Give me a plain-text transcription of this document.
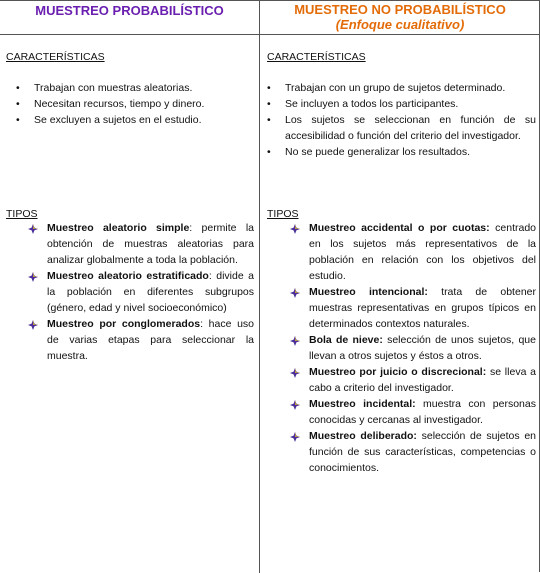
MUESTREO PROBABILÍSTICO
CARACTERÍSTICAS
• Trabajan con muestras aleatorias.
• Necesitan recursos, tiempo y dinero.
• Se excluyen a sujetos en el estudio.
TIPOS
Muestreo aleatorio simple: permite la obtención de muestras aleatorias para analizar globalmente a toda la población.
Muestreo aleatorio estratificado: divide a la población en diferentes subgrupos (género, edad y nivel socioeconómico)
Muestreo por conglomerados: hace uso de varias etapas para seleccionar la muestra.
MUESTREO NO PROBABILÍSTICO
(Enfoque cualitativo)
CARACTERÍSTICAS
• Trabajan con un grupo de sujetos determinado.
• Se incluyen a todos los participantes.
• Los sujetos se seleccionan en función de su accesibilidad o función del criterio del investigador.
• No se puede generalizar los resultados.
TIPOS
Muestreo accidental o por cuotas: centrado en los sujetos más representativos de la población en relación con los objetivos del estudio.
Muestreo intencional: trata de obtener muestras representativas en grupos típicos en determinados contextos naturales.
Bola de nieve: selección de unos sujetos, que llevan a otros sujetos y éstos a otros.
Muestreo por juicio o discrecional: se lleva a cabo a criterio del investigador.
Muestreo incidental: muestra con personas conocidas y cercanas al investigador.
Muestreo deliberado: selección de sujetos en función de sus características, competencias o conocimientos.
